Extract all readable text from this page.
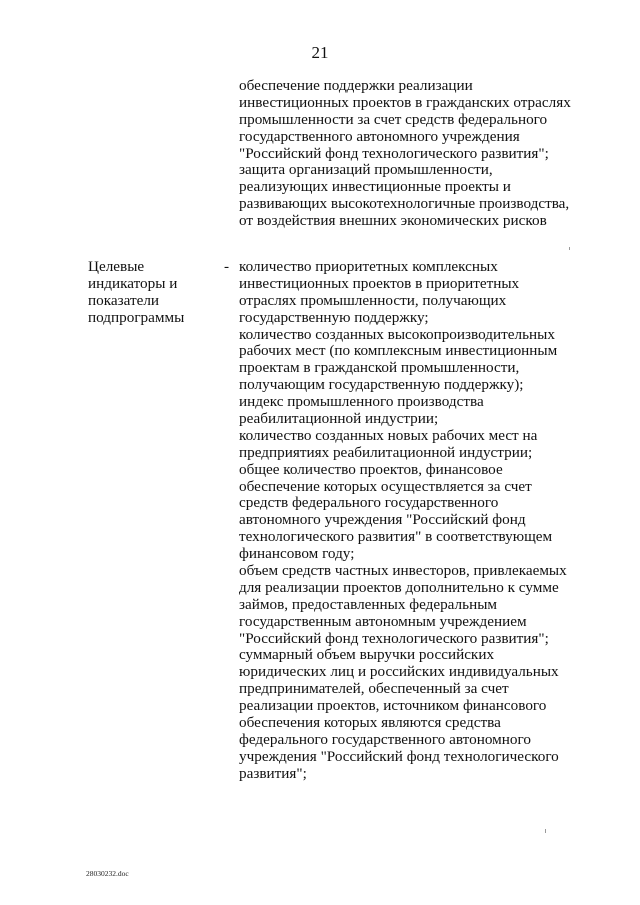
21
обеспечение поддержки реализации
инвестиционных проектов в гражданских отраслях
промышленности за счет средств федерального
государственного автономного учреждения
"Российский фонд технологического развития";
защита организаций промышленности,
реализующих инвестиционные проекты и
развивающих высокотехнологичные производства,
от воздействия внешних экономических рисков
Целевые
индикаторы и
показатели
подпрограммы
- количество приоритетных комплексных
инвестиционных проектов в приоритетных
отраслях промышленности, получающих
государственную поддержку;
количество созданных высокопроизводительных
рабочих мест (по комплексным инвестиционным
проектам в гражданской промышленности,
получающим государственную поддержку);
индекс промышленного производства
реабилитационной индустрии;
количество созданных новых рабочих мест на
предприятиях реабилитационной индустрии;
общее количество проектов, финансовое
обеспечение которых осуществляется за счет
средств федерального государственного
автономного учреждения "Российский фонд
технологического развития" в соответствующем
финансовом году;
объем средств частных инвесторов, привлекаемых
для реализации проектов дополнительно к сумме
займов, предоставленных федеральным
государственным автономным учреждением
"Российский фонд технологического развития";
суммарный объем выручки российских
юридических лиц и российских индивидуальных
предпринимателей, обеспеченный за счет
реализации проектов, источником финансового
обеспечения которых являются средства
федерального государственного автономного
учреждения "Российский фонд технологического
развития";
28030232.doc
